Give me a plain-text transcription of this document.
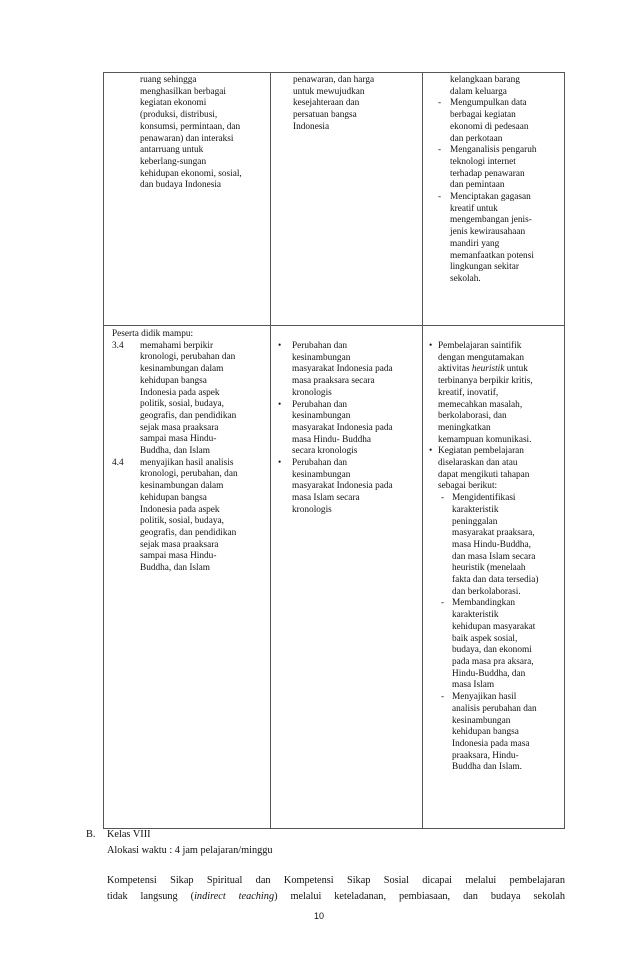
ruang sehingga
menghasilkan berbagai
kegiatan ekonomi
(produksi, distribusi,
konsumsi, permintaan, dan
penawaran) dan interaksi
antarruang untuk
keberlang-sungan
kehidupan ekonomi, sosial,
dan budaya Indonesia
penawaran, dan harga
untuk mewujudkan
kesejahteraan dan
persatuan bangsa
Indonesia
kelangkaan barang
dalam keluarga
- Mengumpulkan data
berbagai kegiatan
ekonomi di pedesaan
dan perkotaan
- Menganalisis pengaruh
teknologi internet
terhadap penawaran
dan pemintaan
- Menciptakan gagasan
kreatif untuk
mengembangan jenis-
jenis kewirausahaan
mandiri yang
memanfaatkan potensi
lingkungan sekitar
sekolah.
Peserta didik mampu:
3.4 memahami berpikir
kronologi, perubahan dan
kesinambungan dalam
kehidupan bangsa
Indonesia pada aspek
politik, sosial, budaya,
geografis, dan pendidikan
sejak masa praaksara
sampai masa Hindu-
Buddha, dan Islam
4.4 menyajikan hasil analisis
kronologi, perubahan, dan
kesinambungan dalam
kehidupan bangsa
Indonesia pada aspek
politik, sosial, budaya,
geografis, dan pendidikan
sejak masa praaksara
sampai masa Hindu-
Buddha, dan Islam
• Perubahan dan
kesinambungan
masyarakat Indonesia pada
masa praaksara secara
kronologis
• Perubahan dan
kesinambungan
masyarakat Indonesia pada
masa Hindu- Buddha
secara kronologis
• Perubahan dan
kesinambungan
masyarakat Indonesia pada
masa Islam secara
kronologis
• Pembelajaran saintifik
dengan mengutamakan
aktivitas heuristik untuk
terbinanya berpikir kritis,
kreatif, inovatif,
memecahkan masalah,
berkolaborasi, dan
meningkatkan
kemampuan komunikasi.
• Kegiatan pembelajaran
diselaraskan dan atau
dapat mengikuti tahapan
sebagai berikut:
- Mengidentifikasi
karakteristik
peninggalan
masyarakat praaksara,
masa Hindu-Buddha,
dan masa Islam secara
heuristik (menelaah
fakta dan data tersedia)
dan berkolaborasi.
- Membandingkan
karakteristik
kehidupan masyarakat
baik aspek sosial,
budaya, dan ekonomi
pada masa pra aksara,
Hindu-Buddha, dan
masa Islam
- Menyajikan hasil
analisis perubahan dan
kesinambungan
kehidupan bangsa
Indonesia pada masa
praaksara, Hindu-
Buddha dan Islam.
B. Kelas VIII
Alokasi waktu : 4 jam pelajaran/minggu
Kompetensi Sikap Spiritual dan Kompetensi Sikap Sosial dicapai melalui pembelajaran
tidak langsung (indirect teaching) melalui keteladanan, pembiasaan, dan budaya sekolah
10
